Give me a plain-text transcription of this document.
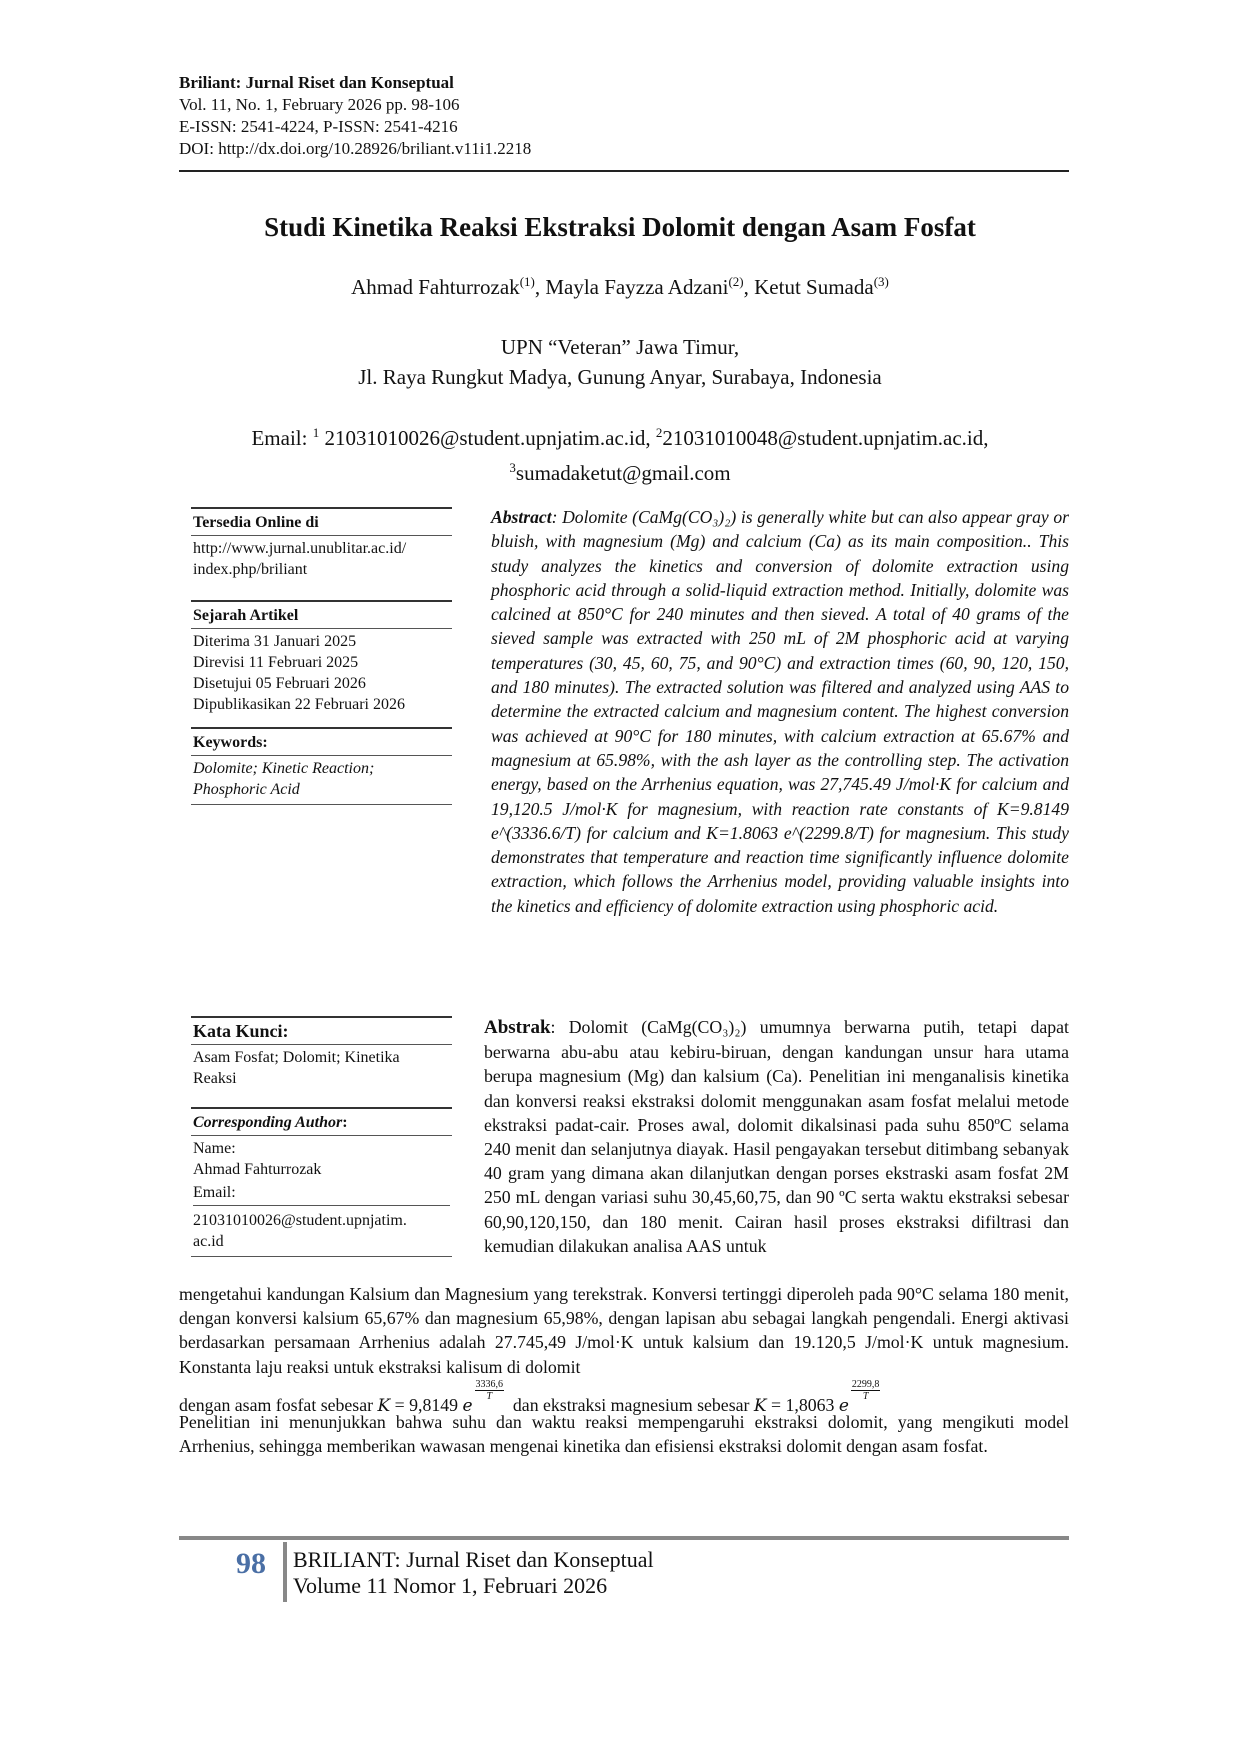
Briliant: Jurnal Riset dan Konseptual
Vol. 11, No. 1, February 2026 pp. 98-106
E-ISSN: 2541-4224, P-ISSN: 2541-4216
DOI: http://dx.doi.org/10.28926/briliant.v11i1.2218
Studi Kinetika Reaksi Ekstraksi Dolomit dengan Asam Fosfat
Ahmad Fahturrozak$^{(1)}$, Mayla Fayzza Adzani$^{(2)}$, Ketut Sumada$^{(3)}$
UPN “Veteran” Jawa Timur,
Jl. Raya Rungkut Madya, Gunung Anyar, Surabaya, Indonesia
Email: $^1$ 21031010026@student.upnjatim.ac.id, $^2$21031010048@student.upnjatim.ac.id,
$^3$sumadaketut@gmail.com
Tersedia Online di
http://www.jurnal.unublitar.ac.id/
index.php/briliant
Sejarah Artikel
Diterima 31 Januari 2025
Direvisi 11 Februari 2025
Disetujui 05 Februari 2026
Dipublikasikan 22 Februari 2026
Keywords:
Dolomite; Kinetic Reaction;
Phosphoric Acid
Kata Kunci:
Asam Fosfat; Dolomit; Kinetika
Reaksi
Corresponding Author:
Name:
Ahmad Fahturrozak
Email:
21031010026@student.upnjatim.
ac.id
Abstract: Dolomite (CaMg(CO₃)₂) is generally white but can also appear gray or bluish, with magnesium (Mg) and calcium (Ca) as its main composition.. This study analyzes the kinetics and conversion of dolomite extraction using phosphoric acid through a solid-liquid extraction method. Initially, dolomite was calcined at 850°C for 240 minutes and then sieved. A total of 40 grams of the sieved sample was extracted with 250 mL of 2M phosphoric acid at varying temperatures (30, 45, 60, 75, and 90°C) and extraction times (60, 90, 120, 150, and 180 minutes). The extracted solution was filtered and analyzed using AAS to determine the extracted calcium and magnesium content. The highest conversion was achieved at 90°C for 180 minutes, with calcium extraction at 65.67% and magnesium at 65.98%, with the ash layer as the controlling step. The activation energy, based on the Arrhenius equation, was 27,745.49 J/mol·K for calcium and 19,120.5 J/mol·K for magnesium, with reaction rate constants of K=9.8149 e^(3336.6/T) for calcium and K=1.8063 e^(2299.8/T) for magnesium. This study demonstrates that temperature and reaction time significantly influence dolomite extraction, which follows the Arrhenius model, providing valuable insights into the kinetics and efficiency of dolomite extraction using phosphoric acid.
Abstrak: Dolomit (CaMg(CO₃)₂) umumnya berwarna putih, tetapi dapat berwarna abu-abu atau kebiru-biruan, dengan kandungan unsur hara utama berupa magnesium (Mg) dan kalsium (Ca). Penelitian ini menganalisis kinetika dan konversi reaksi ekstraksi dolomit menggunakan asam fosfat melalui metode ekstraksi padat-cair. Proses awal, dolomit dikalsinasi pada suhu 850ºC selama 240 menit dan selanjutnya diayak. Hasil pengayakan tersebut ditimbang sebanyak 40 gram yang dimana akan dilanjutkan dengan porses ekstraski asam fosfat 2M 250 mL dengan variasi suhu 30,45,60,75, dan 90 ºC serta waktu ekstraksi sebesar 60,90,120,150, dan 180 menit. Cairan hasil proses ekstraksi difiltrasi dan kemudian dilakukan analisa AAS untuk
mengetahui kandungan Kalsium dan Magnesium yang terekstrak. Konversi tertinggi diperoleh pada 90°C selama 180 menit, dengan konversi kalsium 65,67% dan magnesium 65,98%, dengan lapisan abu sebagai langkah pengendali. Energi aktivasi berdasarkan persamaan Arrhenius adalah 27.745,49 J/mol·K untuk kalsium dan 19.120,5 J/mol·K untuk magnesium. Konstanta laju reaksi untuk ekstraksi kalisum di dolomit
dengan asam fosfat sebesar K = 9,8149 e
$\frac{3336,6}{T}$
dan ekstraksi magnesium sebesar K = 1,8063 e
$\frac{2299,8}{T}$
Penelitian ini menunjukkan bahwa suhu dan waktu reaksi mempengaruhi ekstraksi dolomit, yang mengikuti model Arrhenius, sehingga memberikan wawasan mengenai kinetika dan efisiensi ekstraksi dolomit dengan asam fosfat.
98 BRILIANT: Jurnal Riset dan Konseptual
Volume 11 Nomor 1, Februari 2026
